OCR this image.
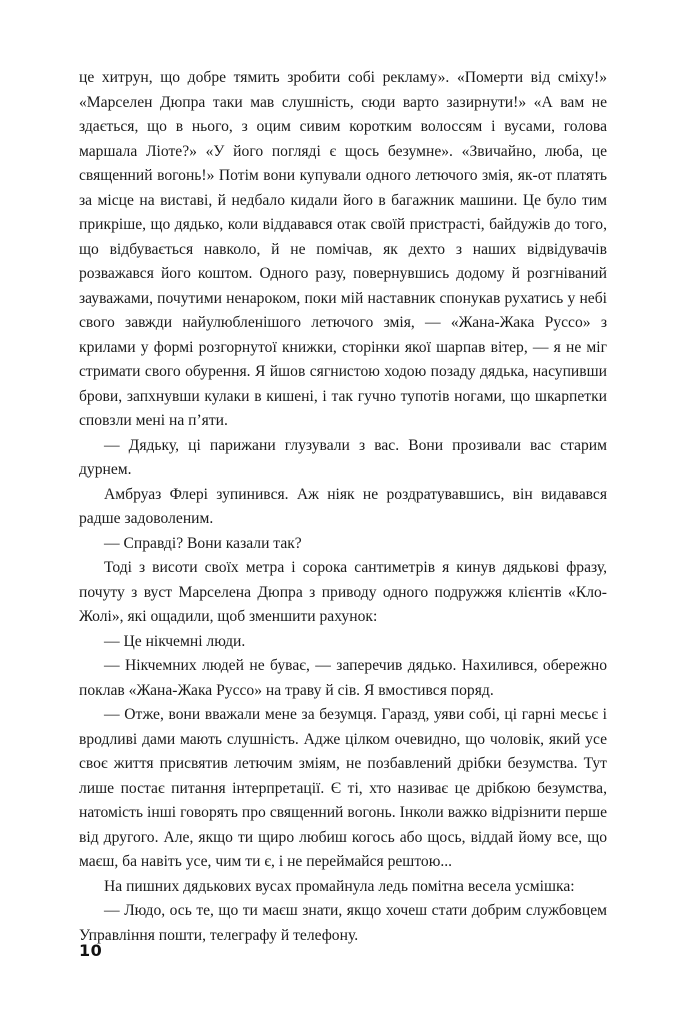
це хитрун, що добре тямить зробити собі рекламу». «Померти від сміху!» «Марселен Дюпра таки мав слушність, сюди варто зазирнути!» «А вам не здається, що в нього, з оцим сивим коротким волоссям і вусами, голова маршала Ліоте?» «У його погляді є щось безумне». «Звичайно, люба, це священний вогонь!» Потім вони купували одного летючого змія, як-от платять за місце на виставі, й недбало кидали його в багажник машини. Це було тим прикріше, що дядько, коли віддавався отак своїй пристрасті, байдужів до того, що відбувається навколо, й не помічав, як дехто з наших відвідувачів розважався його коштом. Одного разу, повернувшись додому й розгніваний зауважами, почутими ненароком, поки мій наставник спонукав рухатись у небі свого завжди найулюбленішого летючого змія, — «Жана-Жака Руссо» з крилами у формі розгорнутої книжки, сторінки якої шарпав вітер, — я не міг стримати свого обурення. Я йшов сягнистою ходою позаду дядька, насупивши брови, запхнувши кулаки в кишені, і так гучно тупотів ногами, що шкарпетки сповзли мені на п’яти.

— Дядьку, ці парижани глузували з вас. Вони прозивали вас старим дурнем.

Амбруаз Флері зупинився. Аж ніяк не роздратувавшись, він видавався радше задоволеним.

— Справді? Вони казали так?

Тоді з висоти своїх метра і сорока сантиметрів я кинув дядькові фразу, почуту з вуст Марселена Дюпра з приводу одного подружжя клієнтів «Кло-Жолі», які ощадили, щоб зменшити рахунок:

— Це нікчемні люди.

— Нікчемних людей не буває, — заперечив дядько. Нахилився, обережно поклав «Жана-Жака Руссо» на траву й сів. Я вмостився поряд.

— Отже, вони вважали мене за безумця. Гаразд, уяви собі, ці гарні месьє і вродливі дами мають слушність. Адже цілком очевидно, що чоловік, який усе своє життя присвятив летючим зміям, не позбавлений дрібки безумства. Тут лише постає питання інтерпретації. Є ті, хто називає це дрібкою безумства, натомість інші говорять про священний вогонь. Інколи важко відрізнити перше від другого. Але, якщо ти щиро любиш когось або щось, віддай йому все, що маєш, ба навіть усе, чим ти є, і не переймайся рештою...

На пишних дядькових вусах промайнула ледь помітна весела усмішка:

— Людо, ось те, що ти маєш знати, якщо хочеш стати добрим службовцем Управління пошти, телеграфу й телефону.

10
